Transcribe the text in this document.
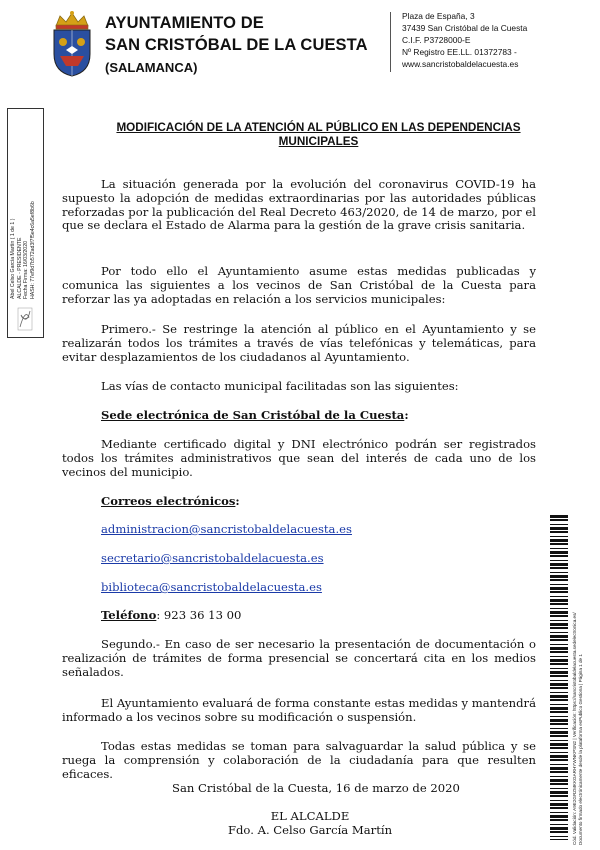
AYUNTAMIENTO DE
SAN CRISTÓBAL DE LA CUESTA
(SALAMANCA)
Plaza de España, 3
37439 San Cristóbal de la Cuesta
C.I.F. P3728000-E
Nº Registro EE.LL. 01372783 -
www.sancristobaldelacuesta.es
Abel Celso García Martín ( 1 de 1 ) ALCALDE - PRESIDENTE Fecha Firma: 16/03/2020 HASH: 77ef9d7b572ad3f7f5e4c6a5ef8b6b
MODIFICACIÓN DE LA ATENCIÓN AL PÚBLICO EN LAS DEPENDENCIAS MUNICIPALES
La situación generada por la evolución del coronavirus COVID-19 ha supuesto la adopción de medidas extraordinarias por las autoridades públicas reforzadas por la publicación del Real Decreto 463/2020, de 14 de marzo, por el que se declara el Estado de Alarma para la gestión de la grave crisis sanitaria.
Por todo ello el Ayuntamiento asume estas medidas publicadas y comunica las siguientes a los vecinos de San Cristóbal de la Cuesta para reforzar las ya adoptadas en relación a los servicios municipales:
Primero.- Se restringe la atención al público en el Ayuntamiento y se realizarán todos los trámites a través de vías telefónicas y telemáticas, para evitar desplazamientos de los ciudadanos al Ayuntamiento.
Las vías de contacto municipal facilitadas son las siguientes:
Sede electrónica de San Cristóbal de la Cuesta:
Mediante certificado digital y DNI electrónico podrán ser registrados todos los trámites administrativos que sean del interés de cada uno de los vecinos del municipio.
Correos electrónicos:
administracion@sancristobaldelacuesta.es
secretario@sancristobaldelacuesta.es
biblioteca@sancristobaldelacuesta.es
Teléfono: 923 36 13 00
Segundo.- En caso de ser necesario la presentación de documentación o realización de trámites de forma presencial se concertará cita en los medios señalados.
El Ayuntamiento evaluará de forma constante estas medidas y mantendrá informado a los vecinos sobre su modificación o suspensión.
Todas estas medidas se toman para salvaguardar la salud pública y se ruega la comprensión y colaboración de la ciudadanía para que resulten eficaces.
San Cristóbal de la Cuesta, 16 de marzo de 2020
EL ALCALDE
Fdo. A. Celso García Martín	Cód. Validación: A9E2GRZMKKGARHYWNKPSN2 | Verificación: https://sancristobaldelacuesta.sedelectronica.es/ Documento firmado electrónicamente desde la plataforma esPublico Gestiona | Página 1 de 1
